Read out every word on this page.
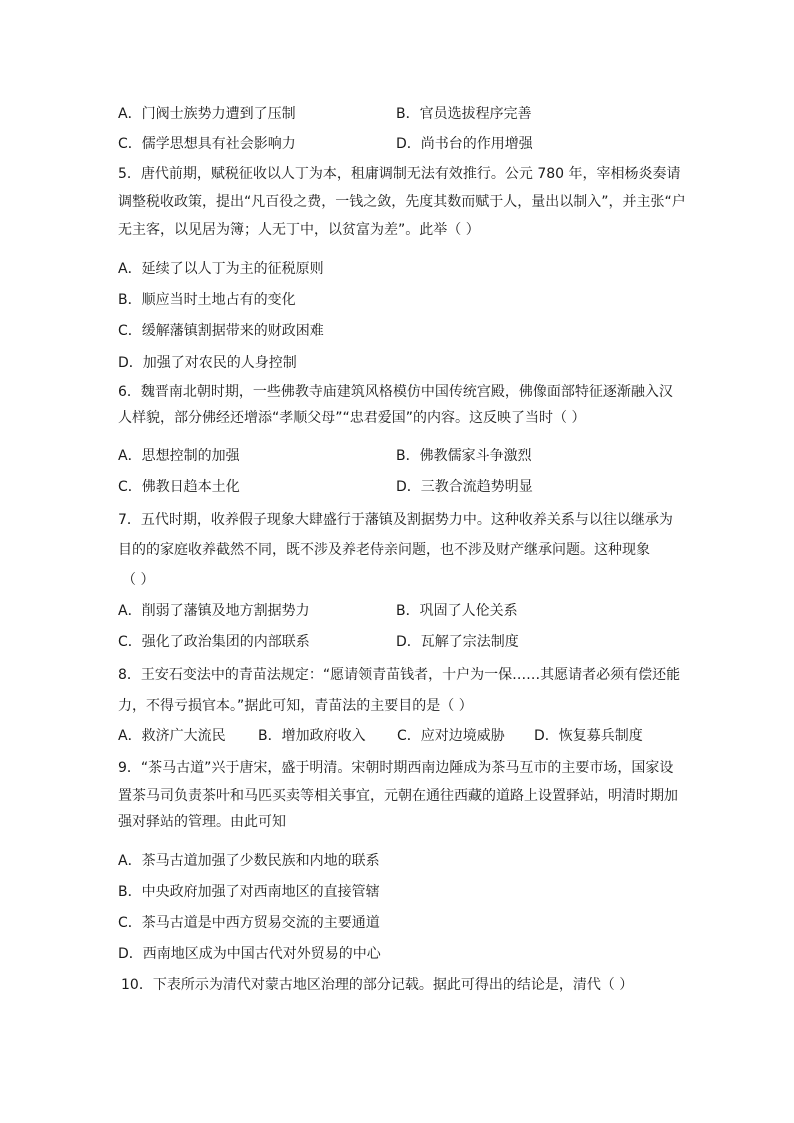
A．门阀士族势力遭到了压制	B．官员选拔程序完善
C．儒学思想具有社会影响力	D．尚书台的作用增强
5．唐代前期，赋税征收以人丁为本，租庸调制无法有效推行。公元 780 年，宰相杨炎奏请
调整税收政策，提出“凡百役之费，一钱之敛，先度其数而赋于人，量出以制入”，并主张“户
无主客，以见居为簿；人无丁中，以贫富为差”。此举（ ）
A．延续了以人丁为主的征税原则
B．顺应当时土地占有的变化
C．缓解藩镇割据带来的财政困难
D．加强了对农民的人身控制
6．魏晋南北朝时期，一些佛教寺庙建筑风格模仿中国传统宫殿，佛像面部特征逐渐融入汉
人样貌，部分佛经还增添“孝顺父母”“忠君爱国”的内容。这反映了当时（ ）
A．思想控制的加强	B．佛教儒家斗争激烈
C．佛教日趋本土化	D．三教合流趋势明显
7．五代时期，收养假子现象大肆盛行于藩镇及割据势力中。这种收养关系与以往以继承为
目的的家庭收养截然不同，既不涉及养老侍亲问题，也不涉及财产继承问题。这种现象
（ ）
A．削弱了藩镇及地方割据势力	B．巩固了人伦关系
C．强化了政治集团的内部联系	D．瓦解了宗法制度
8．王安石变法中的青苗法规定：“愿请领青苗钱者，十户为一保……其愿请者必须有偿还能
力，不得亏损官本。”据此可知，青苗法的主要目的是（ ）
A．救济广大流民 B．增加政府收入 C．应对边境威胁 D．恢复募兵制度
9．“茶马古道”兴于唐宋，盛于明清。宋朝时期西南边陲成为茶马互市的主要市场，国家设
置茶马司负责茶叶和马匹买卖等相关事宜，元朝在通往西藏的道路上设置驿站，明清时期加
强对驿站的管理。由此可知
A．茶马古道加强了少数民族和内地的联系
B．中央政府加强了对西南地区的直接管辖
C．茶马古道是中西方贸易交流的主要通道
D．西南地区成为中国古代对外贸易的中心
10．下表所示为清代对蒙古地区治理的部分记载。据此可得出的结论是，清代（ ）
